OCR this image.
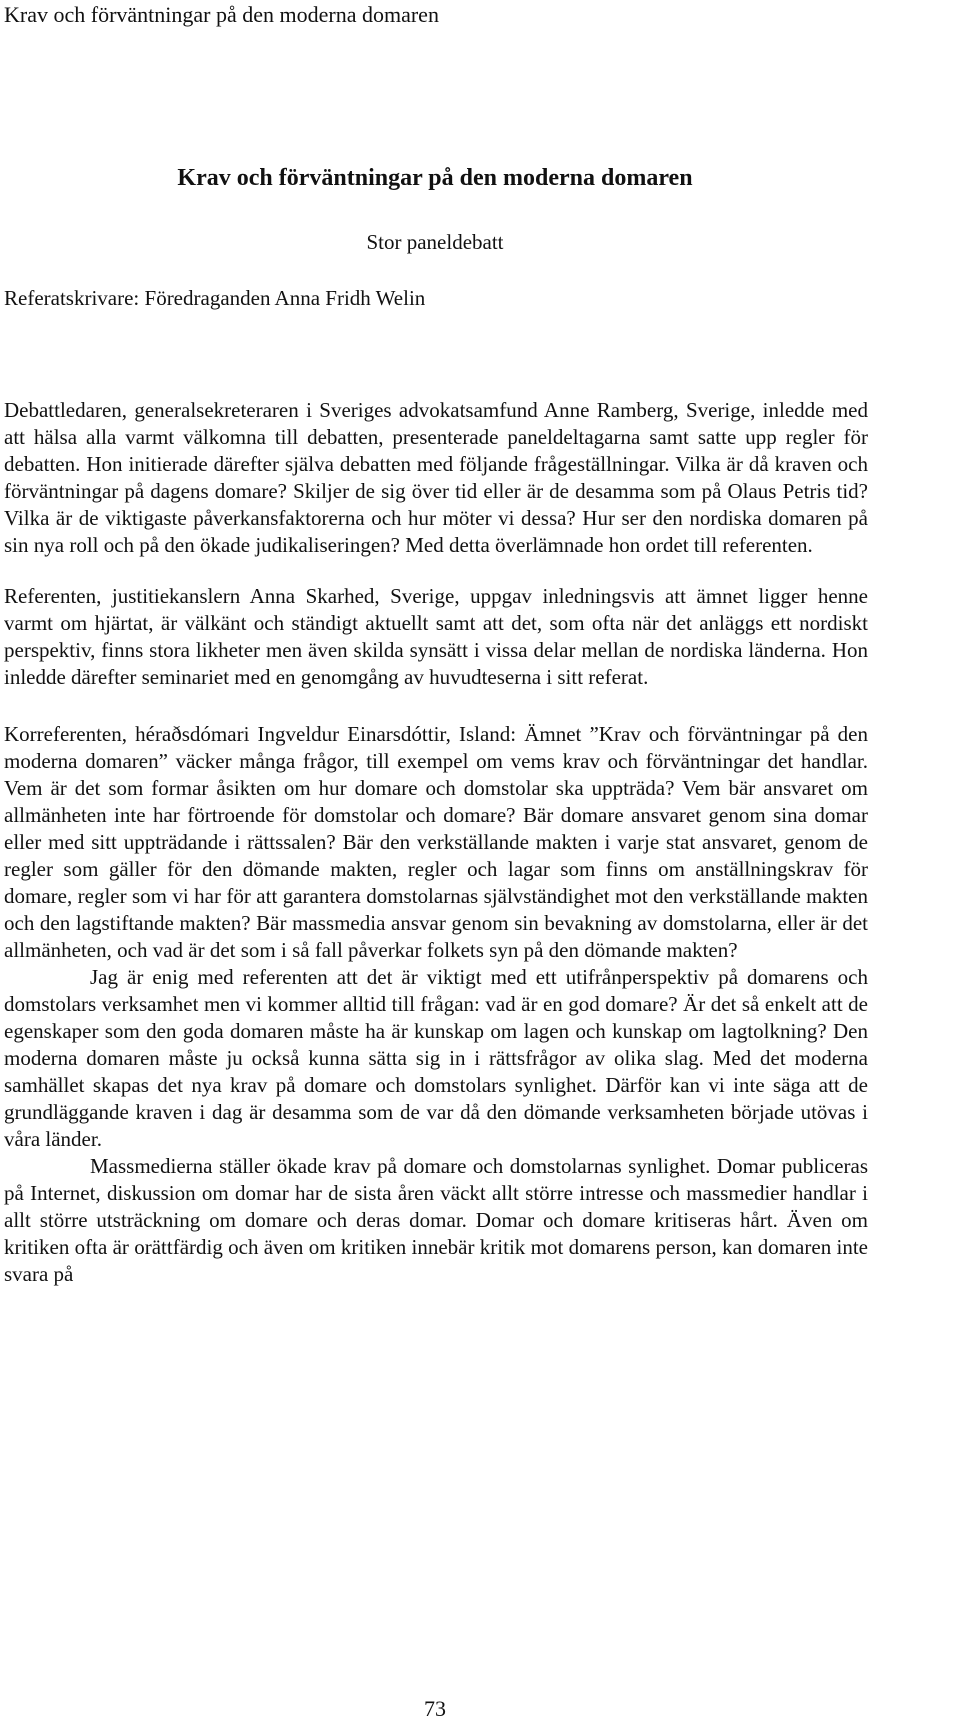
Krav och förväntningar på den moderna domaren
Krav och förväntningar på den moderna domaren
Stor paneldebatt
Referatskrivare: Föredraganden Anna Fridh Welin

Debattledaren, generalsekreteraren i Sveriges advokatsamfund Anne Ramberg, Sverige, inledde med att hälsa alla varmt välkomna till debatten, presenterade paneldeltagarna samt satte upp regler för debatten. Hon initierade därefter själva debatten med följande frågeställningar. Vilka är då kraven och förväntningar på dagens domare? Skiljer de sig över tid eller är de desamma som på Olaus Petris tid? Vilka är de viktigaste påverkansfaktorerna och hur möter vi dessa? Hur ser den nordiska domaren på sin nya roll och på den ökade judikaliseringen? Med detta överlämnade hon ordet till referenten.

Referenten, justitiekanslern Anna Skarhed, Sverige, uppgav inledningsvis att ämnet ligger henne varmt om hjärtat, är välkänt och ständigt aktuellt samt att det, som ofta när det anläggs ett nordiskt perspektiv, finns stora likheter men även skilda synsätt i vissa delar mellan de nordiska länderna. Hon inledde därefter seminariet med en genomgång av huvudteserna i sitt referat.

Korreferenten, héraðsdómari Ingveldur Einarsdóttir, Island: Ämnet ”Krav och förväntningar på den moderna domaren” väcker många frågor, till exempel om vems krav och förväntningar det handlar. Vem är det som formar åsikten om hur domare och domstolar ska uppträda? Vem bär ansvaret om allmänheten inte har förtroende för domstolar och domare? Bär domare ansvaret genom sina domar eller med sitt uppträdande i rättssalen? Bär den verkställande makten i varje stat ansvaret, genom de regler som gäller för den dömande makten, regler och lagar som finns om anställningskrav för domare, regler som vi har för att garantera domstolarnas självständighet mot den verkställande makten och den lagstiftande makten? Bär massmedia ansvar genom sin bevakning av domstolarna, eller är det allmänheten, och vad är det som i så fall påverkar folkets syn på den dömande makten?

Jag är enig med referenten att det är viktigt med ett utifrånperspektiv på domarens och domstolars verksamhet men vi kommer alltid till frågan: vad är en god domare? Är det så enkelt att de egenskaper som den goda domaren måste ha är kunskap om lagen och kunskap om lagtolkning? Den moderna domaren måste ju också kunna sätta sig in i rättsfrågor av olika slag. Med det moderna samhället skapas det nya krav på domare och domstolars synlighet. Därför kan vi inte säga att de grundläggande kraven i dag är desamma som de var då den dömande verksamheten började utövas i våra länder.

Massmedierna ställer ökade krav på domare och domstolarnas synlighet. Domar publiceras på Internet, diskussion om domar har de sista åren väckt allt större intresse och massmedier handlar i allt större utsträckning om domare och deras domar. Domar och domare kritiseras hårt. Även om kritiken ofta är orättfärdig och även om kritiken innebär kritik mot domarens person, kan domaren inte svara på

73
